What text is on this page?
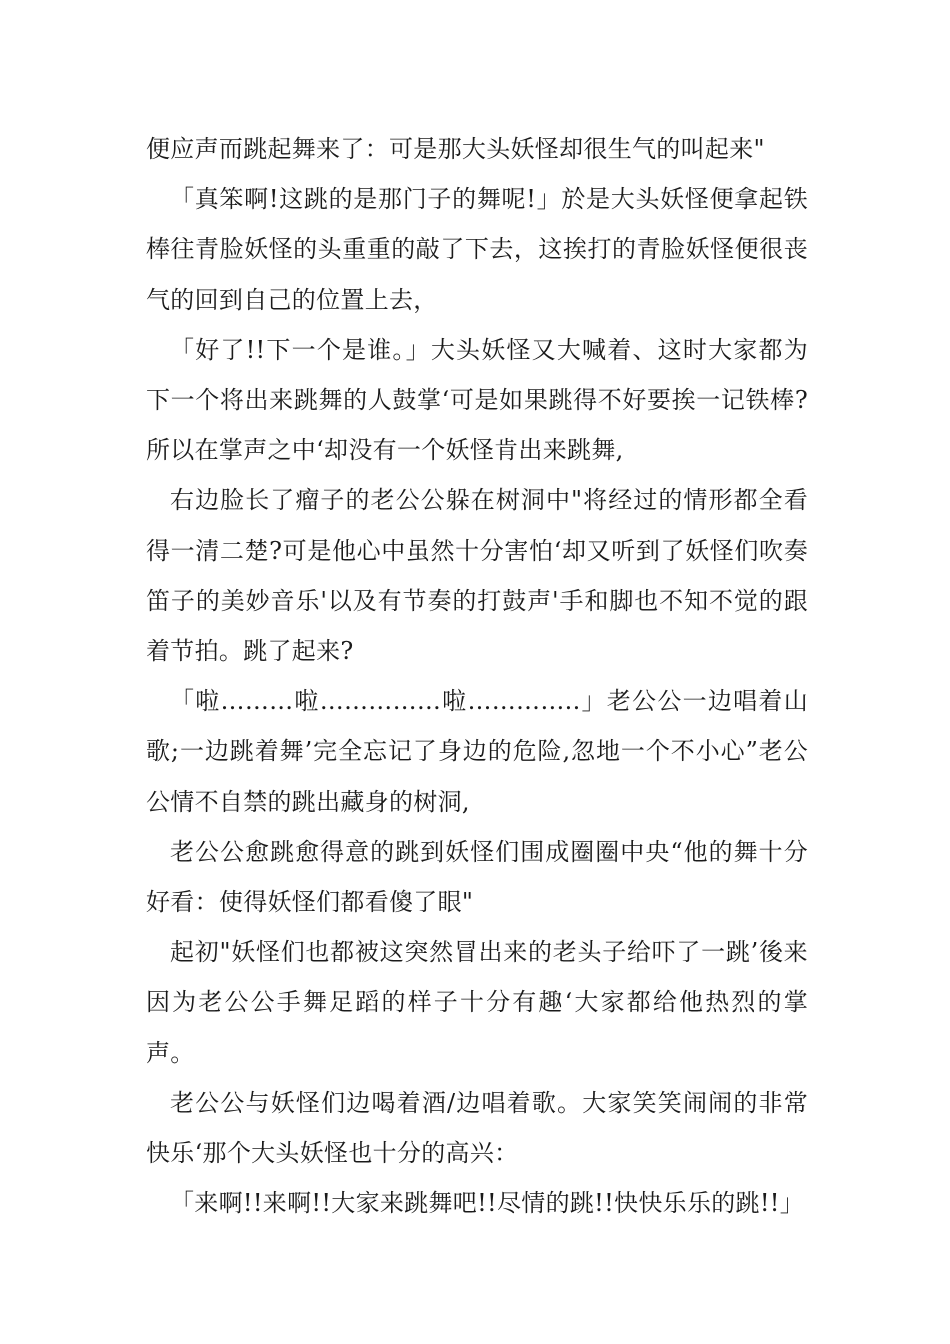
便应声而跳起舞来了：可是那大头妖怪却很生气的叫起来"

「真笨啊!这跳的是那门子的舞呢!」於是大头妖怪便拿起铁棒往青脸妖怪的头重重的敲了下去，这挨打的青脸妖怪便很丧气的回到自己的位置上去，

「好了!!下一个是谁。」大头妖怪又大喊着、这时大家都为下一个将出来跳舞的人鼓掌‘可是如果跳得不好要挨一记铁棒?所以在掌声之中‘却没有一个妖怪肯出来跳舞,

右边脸长了瘤子的老公公躲在树洞中"将经过的情形都全看得一清二楚?可是他心中虽然十分害怕‘却又听到了妖怪们吹奏笛子的美妙音乐'以及有节奏的打鼓声'手和脚也不知不觉的跟着节拍。跳了起来?

「啦………啦……………啦…………..」老公公一边唱着山歌;一边跳着舞’完全忘记了身边的危险,忽地一个不小心”老公公情不自禁的跳出藏身的树洞,

老公公愈跳愈得意的跳到妖怪们围成圈圈中央“他的舞十分好看：使得妖怪们都看傻了眼"

起初"妖怪们也都被这突然冒出来的老头子给吓了一跳’後来因为老公公手舞足蹈的样子十分有趣‘大家都给他热烈的掌声。

老公公与妖怪们边喝着酒/边唱着歌。大家笑笑闹闹的非常快乐‘那个大头妖怪也十分的高兴：

「来啊!!来啊!!大家来跳舞吧!!尽情的跳!!快快乐乐的跳!!」
